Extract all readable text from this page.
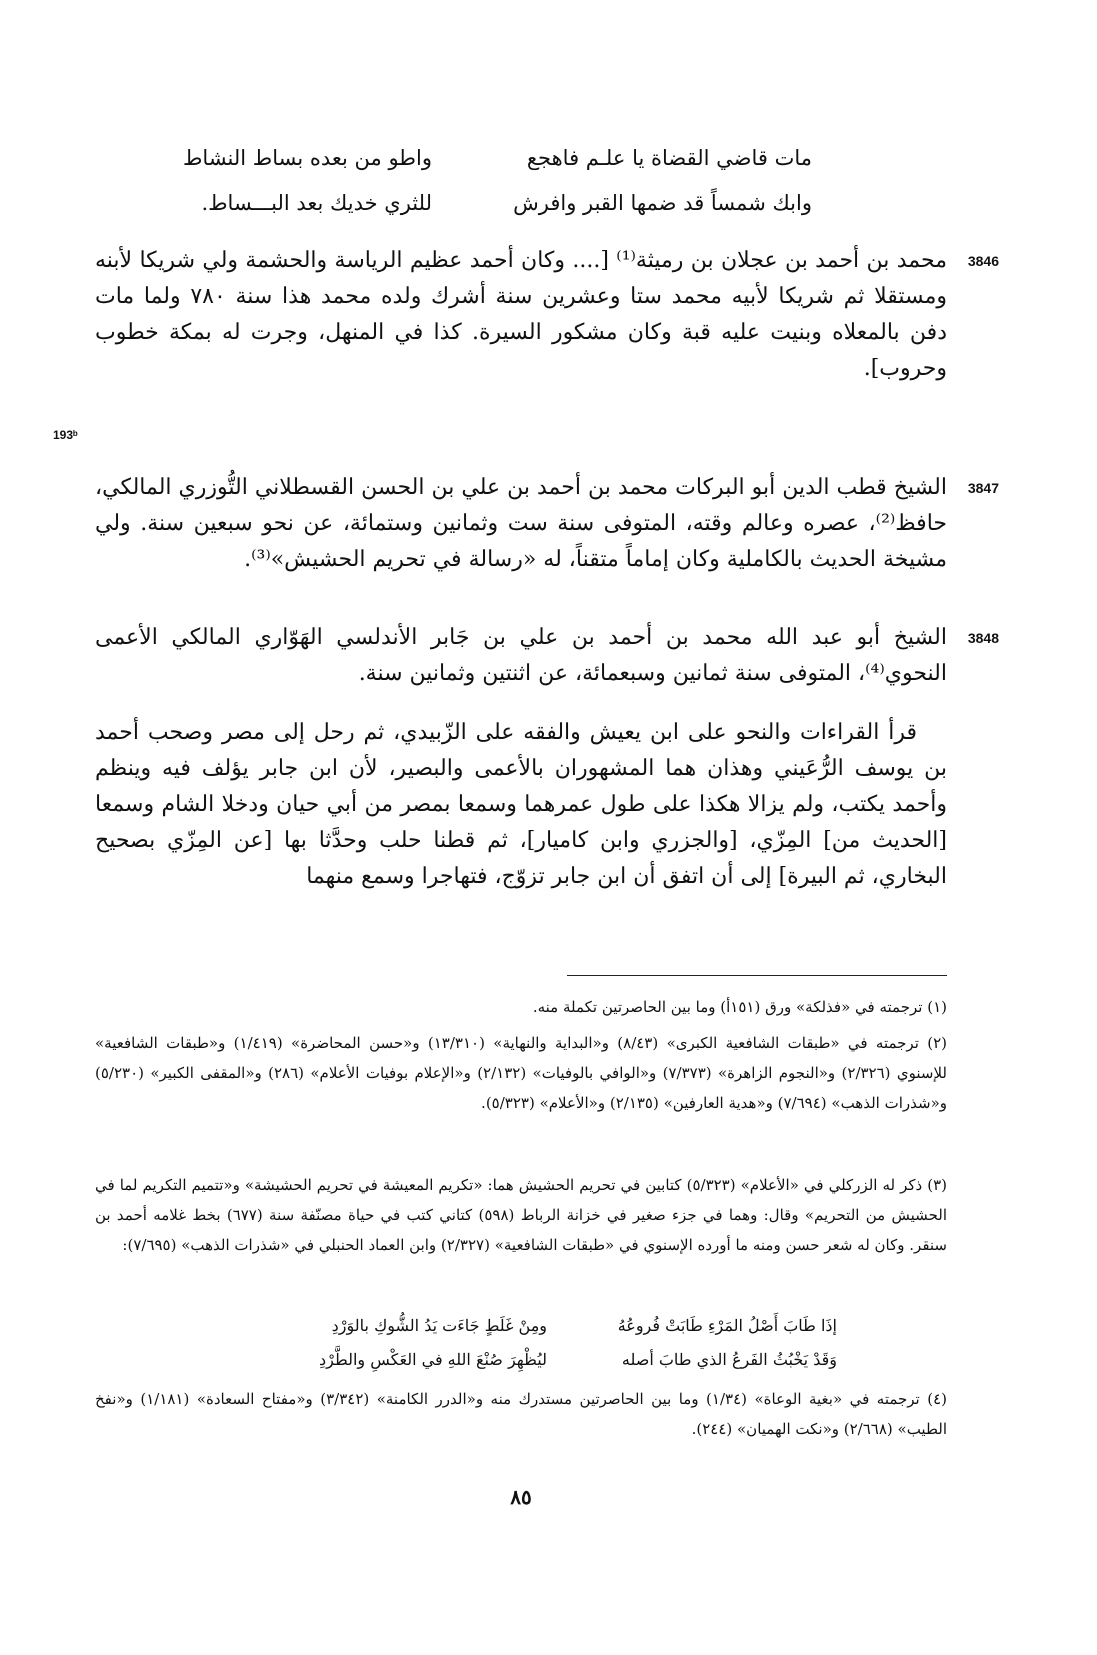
مات قاضي القضاة يا علـم فاهجع
واطو من بعده بساط النشاط
وابك شمساً قد ضمها القبر وافرش
للثري خديك بعد البـــساط.
3846
محمد بن أحمد بن عجلان بن رميثة⁽¹⁾ [.... وكان أحمد عظيم الرياسة والحشمة ولي شريكا لأبنه ومستقلا ثم شريكا لأبيه محمد ستا وعشرين سنة أشرك ولده محمد هذا سنة ٧٨٠ ولما مات دفن بالمعلاه وبنيت عليه قبة وكان مشكور السيرة. كذا في المنهل، وجرت له بمكة خطوب وحروب].
193ᵇ
3847
الشيخ قطب الدين أبو البركات محمد بن أحمد بن علي بن الحسن القسطلاني التُّوزري المالكي، حافظ⁽²⁾، عصره وعالم وقته، المتوفى سنة ست وثمانين وستمائة، عن نحو سبعين سنة. ولي مشيخة الحديث بالكاملية وكان إماماً متقناً، له «رسالة في تحريم الحشيش»⁽³⁾.
3848
الشيخ أبو عبد الله محمد بن أحمد بن علي بن جَابر الأندلسي الهَوّاري المالكي الأعمى النحوي⁽⁴⁾، المتوفى سنة ثمانين وسبعمائة، عن اثنتين وثمانين سنة.
قرأ القراءات والنحو على ابن يعيش والفقه على الزّبيدي، ثم رحل إلى مصر وصحب أحمد بن يوسف الرُّعَيني وهذان هما المشهوران بالأعمى والبصير، لأن ابن جابر يؤلف فيه وينظم وأحمد يكتب، ولم يزالا هكذا على طول عمرهما وسمعا بمصر من أبي حيان ودخلا الشام وسمعا [الحديث من] المِزّي، [والجزري وابن كاميار]، ثم قطنا حلب وحدَّثا بها [عن المِزّي بصحيح البخاري، ثم البيرة] إلى أن اتفق أن ابن جابر تزوّج، فتهاجرا وسمع منهما
(١) ترجمته في «فذلكة» ورق (١٥١أ) وما بين الحاصرتين تكملة منه.
(٢) ترجمته في «طبقات الشافعية الكبرى» (٨/٤٣) و«البداية والنهاية» (١٣/٣١٠) و«حسن المحاضرة» (١/٤١٩) و«طبقات الشافعية» للإسنوي (٢/٣٢٦) و«النجوم الزاهرة» (٧/٣٧٣) و«الوافي بالوفيات» (٢/١٣٢) و«الإعلام بوفيات الأعلام» (٢٨٦) و«المقفى الكبير» (٥/٢٣٠) و«شذرات الذهب» (٧/٦٩٤) و«هدية العارفين» (٢/١٣٥) و«الأعلام» (٥/٣٢٣).
(٣) ذكر له الزركلي في «الأعلام» (٥/٣٢٣) كتابين في تحريم الحشيش هما: «تكريم المعيشة في تحريم الحشيشة» و«تتميم التكريم لما في الحشيش من التحريم» وقال: وهما في جزء صغير في خزانة الرباط (٥٩٨) كتاني كتب في حياة مصنّفة سنة (٦٧٧) بخط غلامه أحمد بن سنقر. وكان له شعر حسن ومنه ما أورده الإسنوي في «طبقات الشافعية» (٢/٣٢٧) وابن العماد الحنبلي في «شذرات الذهب» (٧/٦٩٥):
إذَا طَابَ أَصْلُ المَرْءِ طَابَتْ فُروعُهُ
ومِنْ غَلَطٍ جَاءَت يَدُ الشُّوكِ بالوَرْدِ
وَقَدْ يَخْبُثُ الفَرعُ الذي طابَ أصله
ليُظْهِرَ صُنْعَ اللهِ في العَكْسِ والطَّرْدِ
(٤) ترجمته في «بغية الوعاة» (١/٣٤) وما بين الحاصرتين مستدرك منه و«الدرر الكامنة» (٣/٣٤٢) و«مفتاح السعادة» (١/١٨١) و«نفخ الطيب» (٢/٦٦٨) و«نكت الهميان» (٢٤٤).
٨٥
